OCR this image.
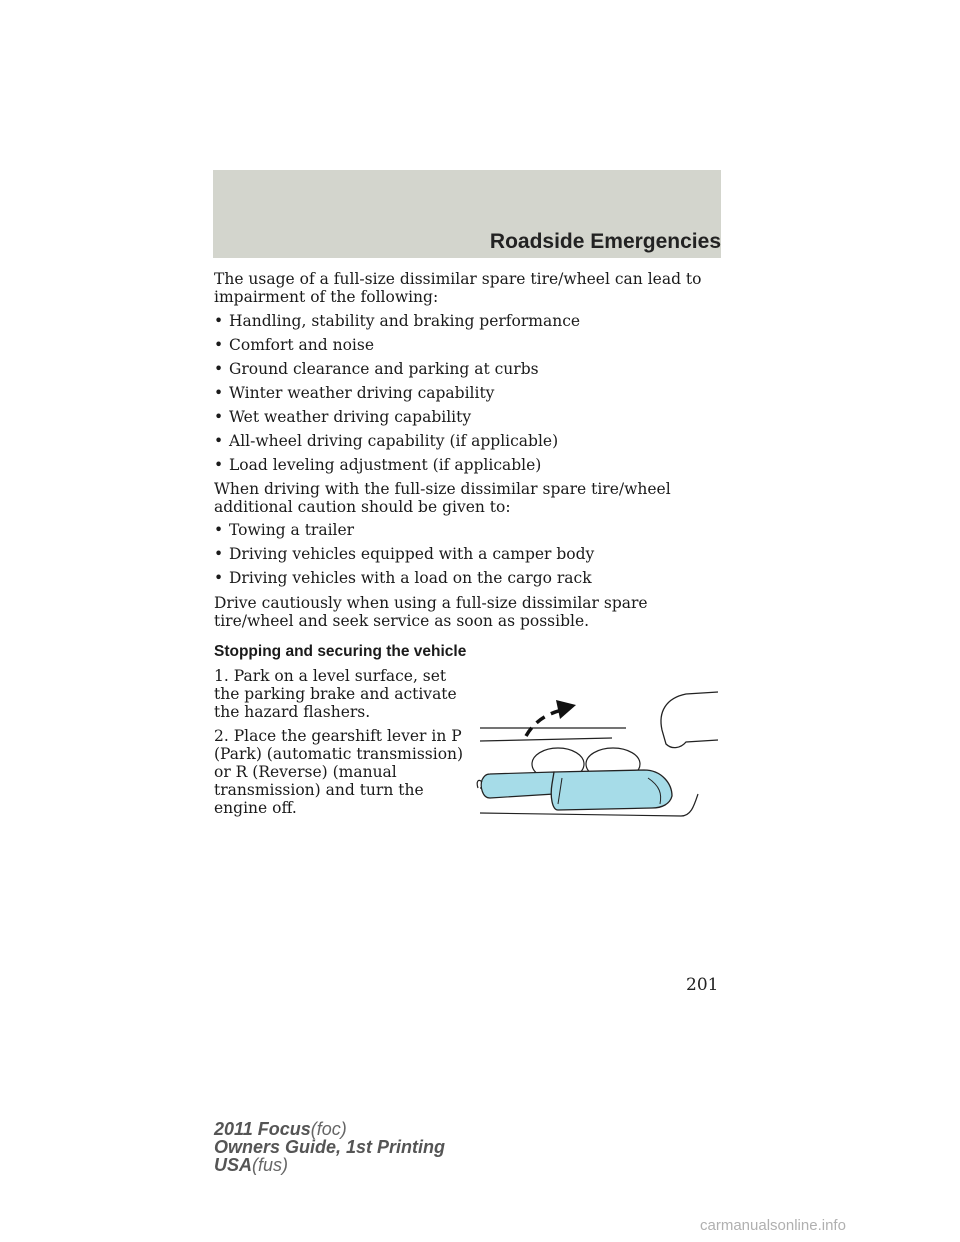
Roadside Emergencies

The usage of a full-size dissimilar spare tire/wheel can lead to impairment of the following:

• Handling, stability and braking performance

• Comfort and noise

• Ground clearance and parking at curbs

• Winter weather driving capability

• Wet weather driving capability

• All-wheel driving capability (if applicable)

• Load leveling adjustment (if applicable)

When driving with the full-size dissimilar spare tire/wheel additional caution should be given to:

• Towing a trailer

• Driving vehicles equipped with a camper body

• Driving vehicles with a load on the cargo rack

Drive cautiously when using a full-size dissimilar spare tire/wheel and seek service as soon as possible.

Stopping and securing the vehicle

1. Park on a level surface, set the parking brake and activate the hazard flashers.

2. Place the gearshift lever in P (Park) (automatic transmission) or R (Reverse) (manual transmission) and turn the engine off.

201
2011 Focus(foc)
Owners Guide, 1st Printing
USA(fus)
carmanualsonline.info
